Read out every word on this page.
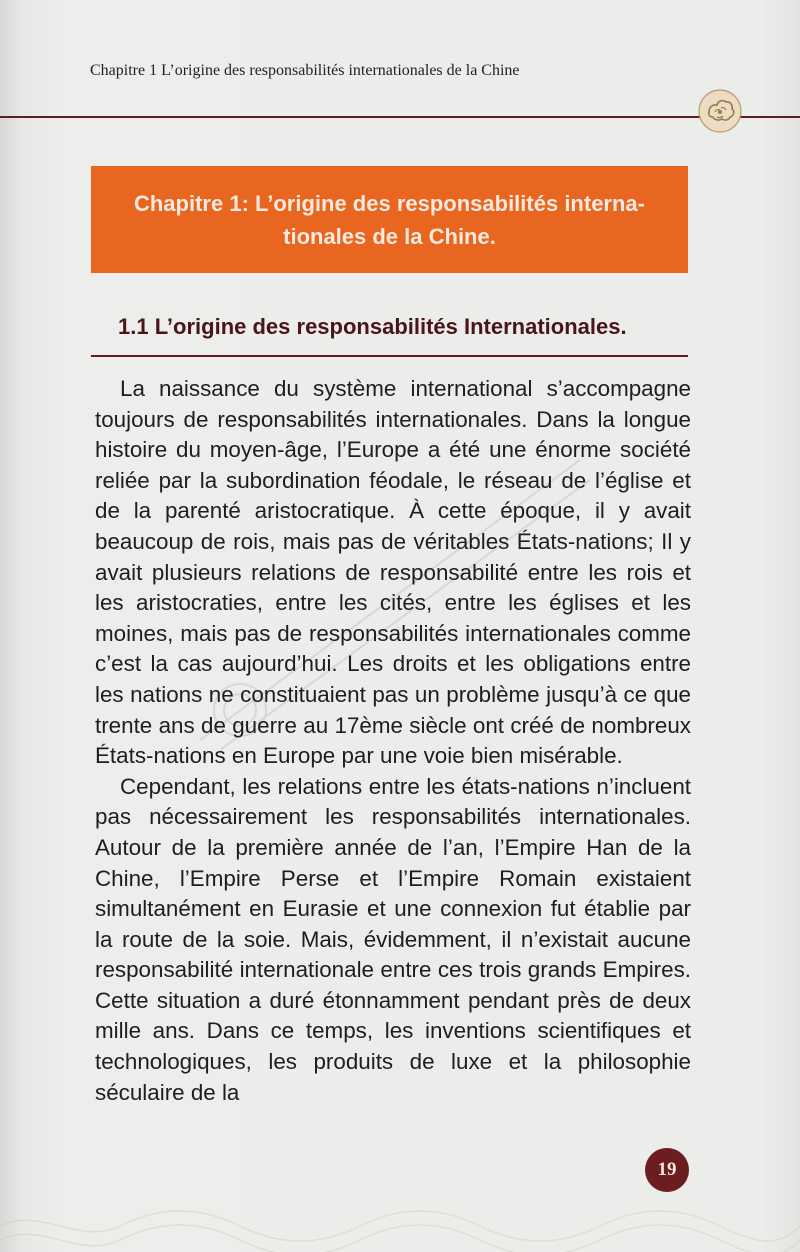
Chapitre 1 L’origine des responsabilités internationales de la Chine
Chapitre 1: L’origine des responsabilités interna-
tionales de la Chine.
1.1 L’origine des responsabilités Internationales.

La naissance du système international s’accompagne toujours de responsabilités internationales. Dans la longue histoire du moyen-âge, l’Europe a été une énorme société reliée par la subordination féodale, le réseau de l’église et de la parenté aristocratique. À cette époque, il y avait beaucoup de rois, mais pas de véritables États-nations; Il y avait plusieurs relations de responsabilité entre les rois et les aristocraties, entre les cités, entre les églises et les moines, mais pas de responsabilités internationales comme c’est la cas aujourd’hui. Les droits et les obligations entre les nations ne constituaient pas un problème jusqu’à ce que trente ans de guerre au 17ème siècle ont créé de nombreux États-nations en Europe par une voie bien misérable.

Cependant, les relations entre les états-nations n’incluent pas nécessairement les responsabilités internationales. Autour de la première année de l’an, l’Empire Han de la Chine, l’Empire Perse et l’Empire Romain existaient simultanément en Eurasie et une connexion fut établie par la route de la soie. Mais, évidemment, il n’existait aucune responsabilité internationale entre ces trois grands Empires. Cette situation a duré étonnamment pendant près de deux mille ans. Dans ce temps, les inventions scientifiques et technologiques, les produits de luxe et la philosophie séculaire de la

19
